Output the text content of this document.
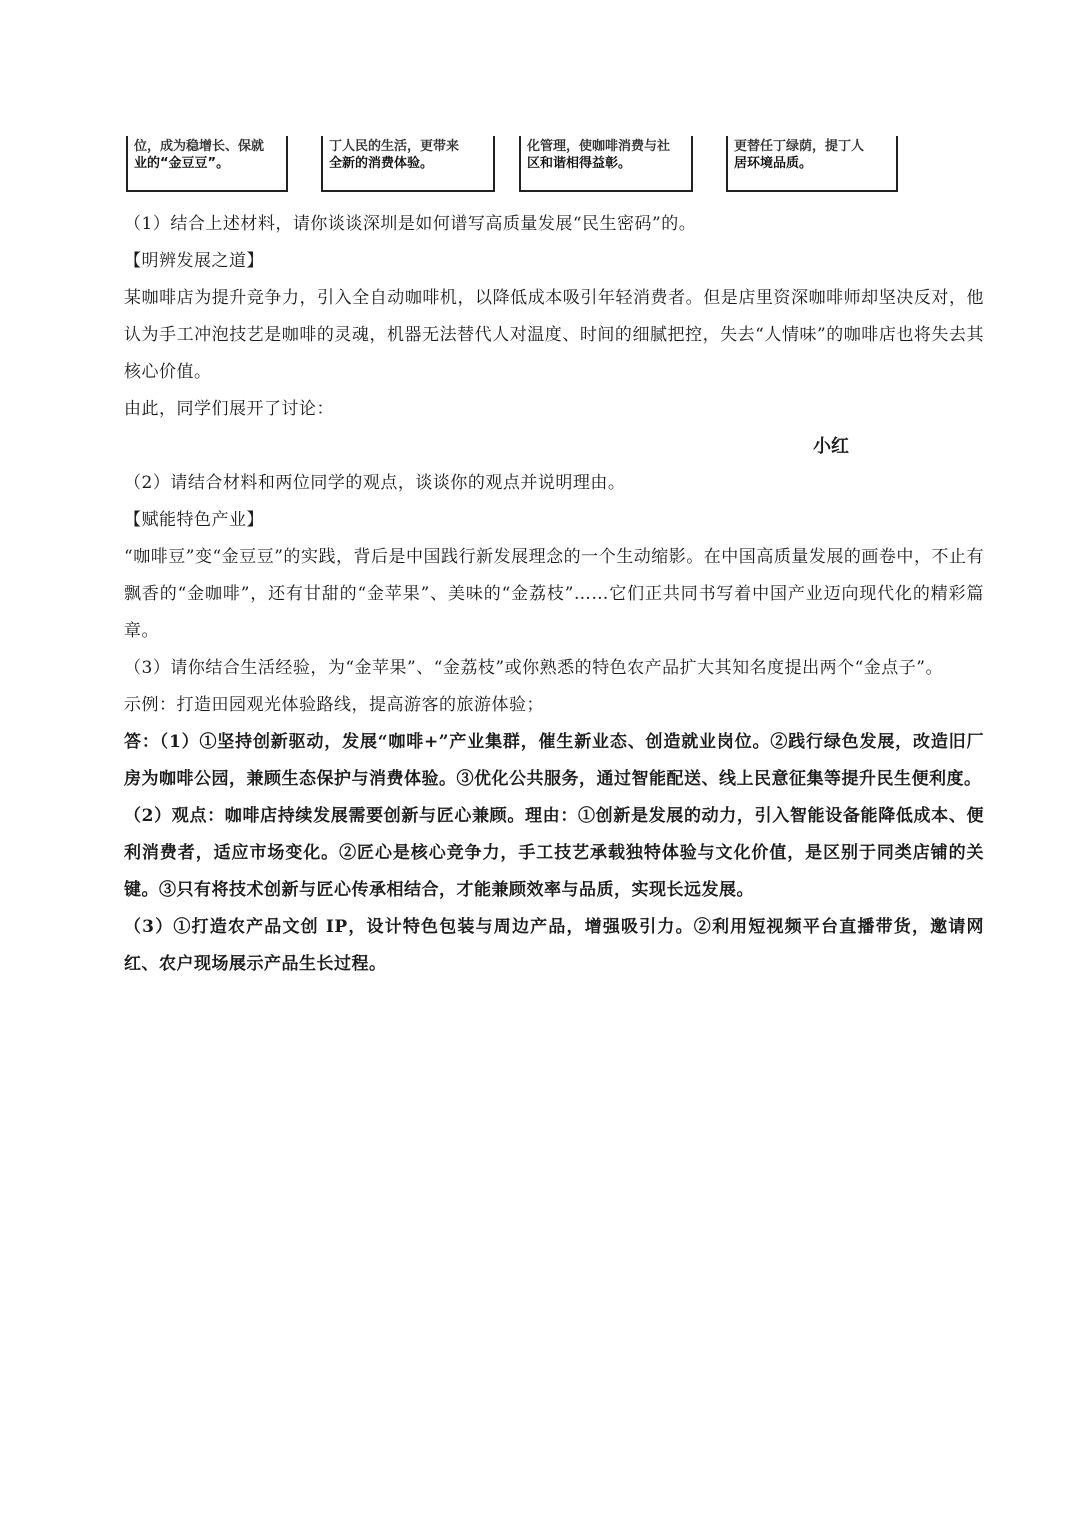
位，成为稳增长、保就
业的“金豆豆”。
丁人民的生活，更带来
全新的消费体验。
化管理，使咖啡消费与社
区和谐相得益彰。
更替任丁绿荫，提丁人
居环境品质。

（1）结合上述材料，请你谈谈深圳是如何谱写高质量发展“民生密码”的。

【明辨发展之道】

某咖啡店为提升竞争力，引入全自动咖啡机，以降低成本吸引年轻消费者。但是店里资深咖啡师却坚决反对，他认为手工冲泡技艺是咖啡的灵魂，机器无法替代人对温度、时间的细腻把控，失去“人情味”的咖啡店也将失去其核心价值。

由此，同学们展开了讨论：

小红

（2）请结合材料和两位同学的观点，谈谈你的观点并说明理由。

【赋能特色产业】

“咖啡豆”变“金豆豆”的实践，背后是中国践行新发展理念的一个生动缩影。在中国高质量发展的画卷中，不止有飘香的“金咖啡”，还有甘甜的“金苹果”、美味的“金荔枝”……它们正共同书写着中国产业迈向现代化的精彩篇章。

（3）请你结合生活经验，为“金苹果”、“金荔枝”或你熟悉的特色农产品扩大其知名度提出两个“金点子”。

示例：打造田园观光体验路线，提高游客的旅游体验；

答：（1）①坚持创新驱动，发展“咖啡+”产业集群，催生新业态、创造就业岗位。②践行绿色发展，改造旧厂房为咖啡公园，兼顾生态保护与消费体验。③优化公共服务，通过智能配送、线上民意征集等提升民生便利度。

（2）观点：咖啡店持续发展需要创新与匠心兼顾。理由：①创新是发展的动力，引入智能设备能降低成本、便利消费者，适应市场变化。②匠心是核心竞争力，手工技艺承载独特体验与文化价值，是区别于同类店铺的关键。③只有将技术创新与匠心传承相结合，才能兼顾效率与品质，实现长远发展。

（3）①打造农产品文创 IP，设计特色包装与周边产品，增强吸引力。②利用短视频平台直播带货，邀请网红、农户现场展示产品生长过程。
